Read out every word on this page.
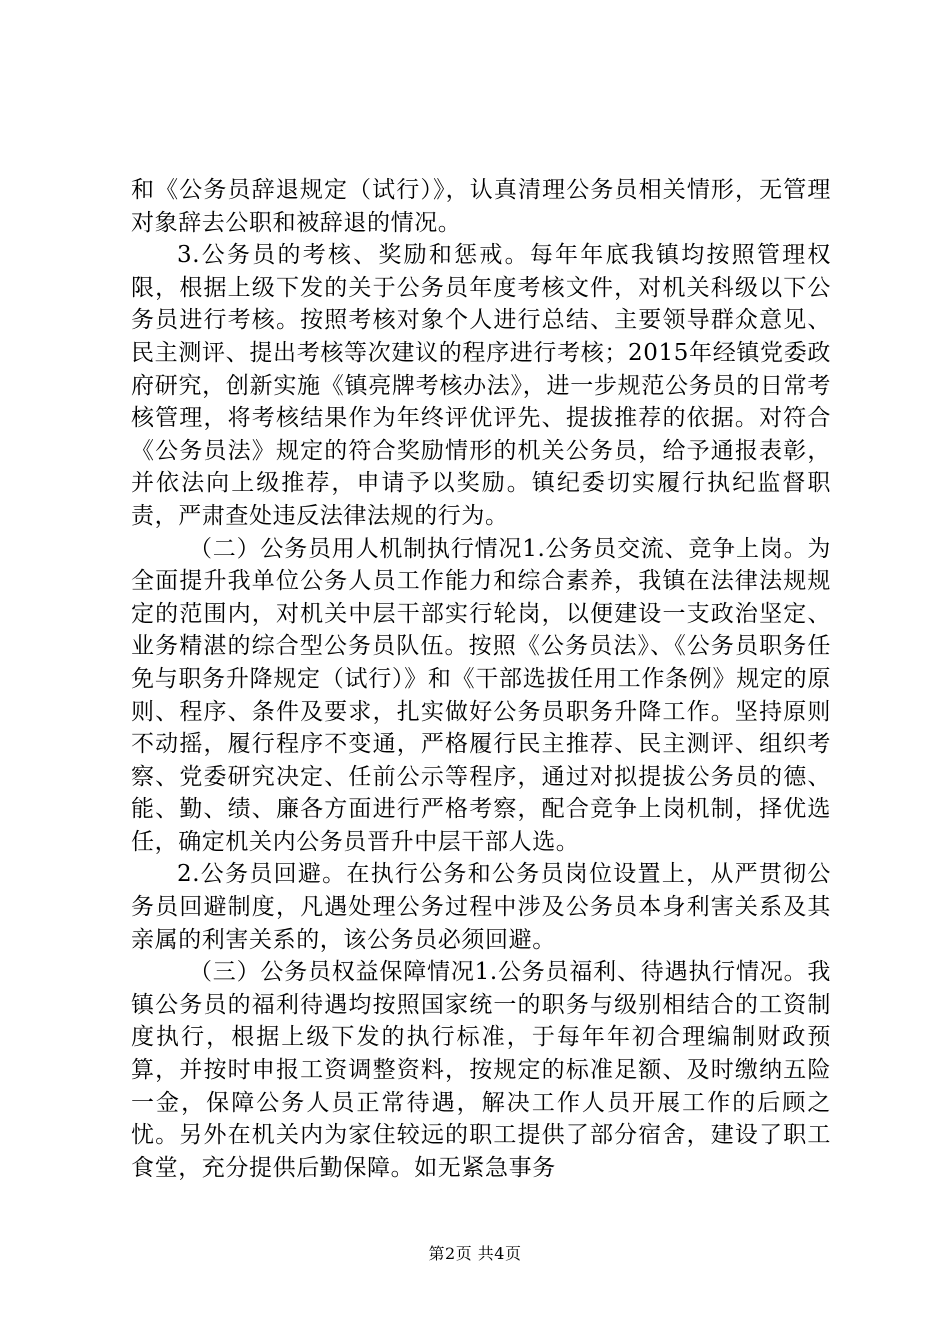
和《公务员辞退规定（试行）》，认真清理公务员相关情形，无管理对象辞去公职和被辞退的情况。

3.公务员的考核、奖励和惩戒。每年年底我镇均按照管理权限，根据上级下发的关于公务员年度考核文件，对机关科级以下公务员进行考核。按照考核对象个人进行总结、主要领导群众意见、民主测评、提出考核等次建议的程序进行考核；2015年经镇党委政府研究，创新实施《镇亮牌考核办法》，进一步规范公务员的日常考核管理，将考核结果作为年终评优评先、提拔推荐的依据。对符合《公务员法》规定的符合奖励情形的机关公务员，给予通报表彰，并依法向上级推荐，申请予以奖励。镇纪委切实履行执纪监督职责，严肃查处违反法律法规的行为。

（二）公务员用人机制执行情况1.公务员交流、竞争上岗。为全面提升我单位公务人员工作能力和综合素养，我镇在法律法规规定的范围内，对机关中层干部实行轮岗，以便建设一支政治坚定、业务精湛的综合型公务员队伍。按照《公务员法》、《公务员职务任免与职务升降规定（试行）》和《干部选拔任用工作条例》规定的原则、程序、条件及要求，扎实做好公务员职务升降工作。坚持原则不动摇，履行程序不变通，严格履行民主推荐、民主测评、组织考察、党委研究决定、任前公示等程序，通过对拟提拔公务员的德、能、勤、绩、廉各方面进行严格考察，配合竞争上岗机制，择优选任，确定机关内公务员晋升中层干部人选。

2.公务员回避。在执行公务和公务员岗位设置上，从严贯彻公务员回避制度，凡遇处理公务过程中涉及公务员本身利害关系及其亲属的利害关系的，该公务员必须回避。

（三）公务员权益保障情况1.公务员福利、待遇执行情况。我镇公务员的福利待遇均按照国家统一的职务与级别相结合的工资制度执行，根据上级下发的执行标准，于每年年初合理编制财政预算，并按时申报工资调整资料，按规定的标准足额、及时缴纳五险一金，保障公务人员正常待遇，解决工作人员开展工作的后顾之忧。另外在机关内为家住较远的职工提供了部分宿舍，建设了职工食堂，充分提供后勤保障。如无紧急事务

第2页 共4页
